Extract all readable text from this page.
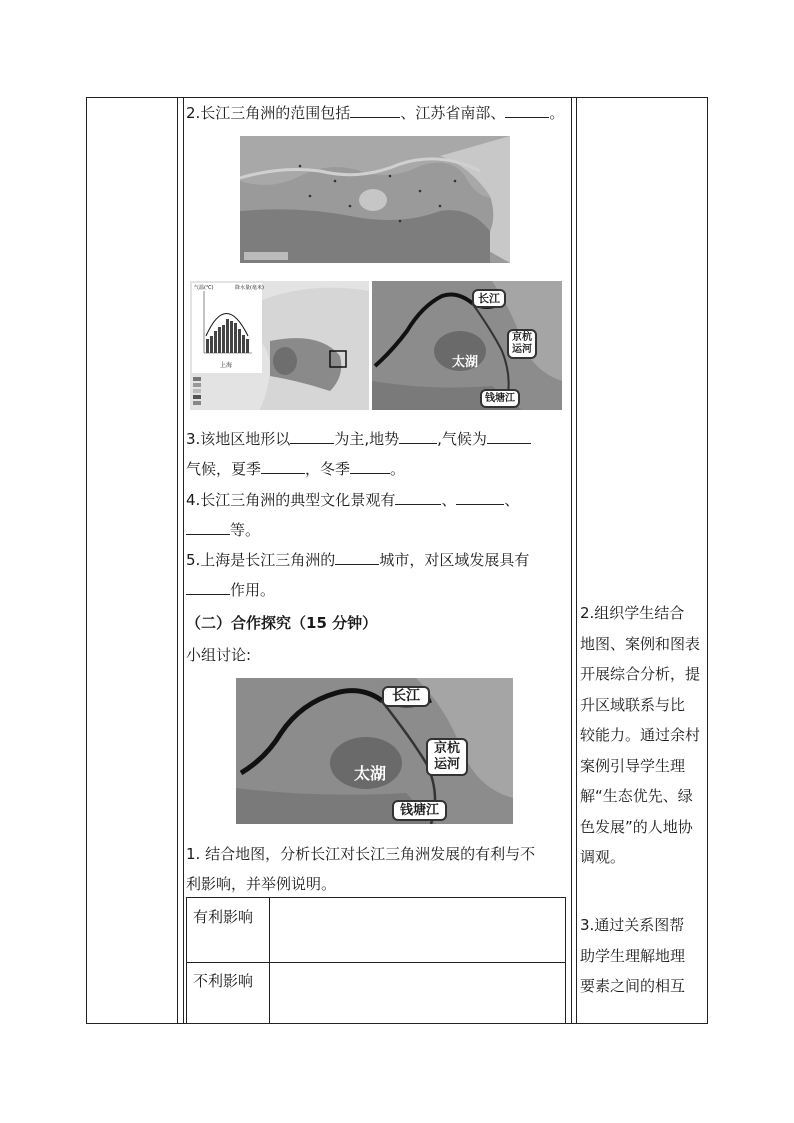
2.长江三角洲的范围包括	、江苏省南部、	。
气温(℃)	降水量(毫米)
上海
长江
京杭
运河
太湖
钱塘江
3.该地区地形以	为主,地势	,气候为
气候，夏季	，冬季	。
4.长江三角洲的典型文化景观有	、	、
等。
5.上海是长江三角洲的	城市，对区域发展具有
作用。
（二）合作探究（15 分钟）
小组讨论:
长江
京杭
运河
太湖
钱塘江
1. 结合地图，分析长江对长江三角洲发展的有利与不
利影响，并举例说明。
有利影响
不利影响
2.组织学生结合
地图、案例和图表
开展综合分析，提
升区域联系与比
较能力。通过余村
案例引导学生理
解“生态优先、绿
色发展”的人地协
调观。
3.通过关系图帮
助学生理解地理
要素之间的相互
